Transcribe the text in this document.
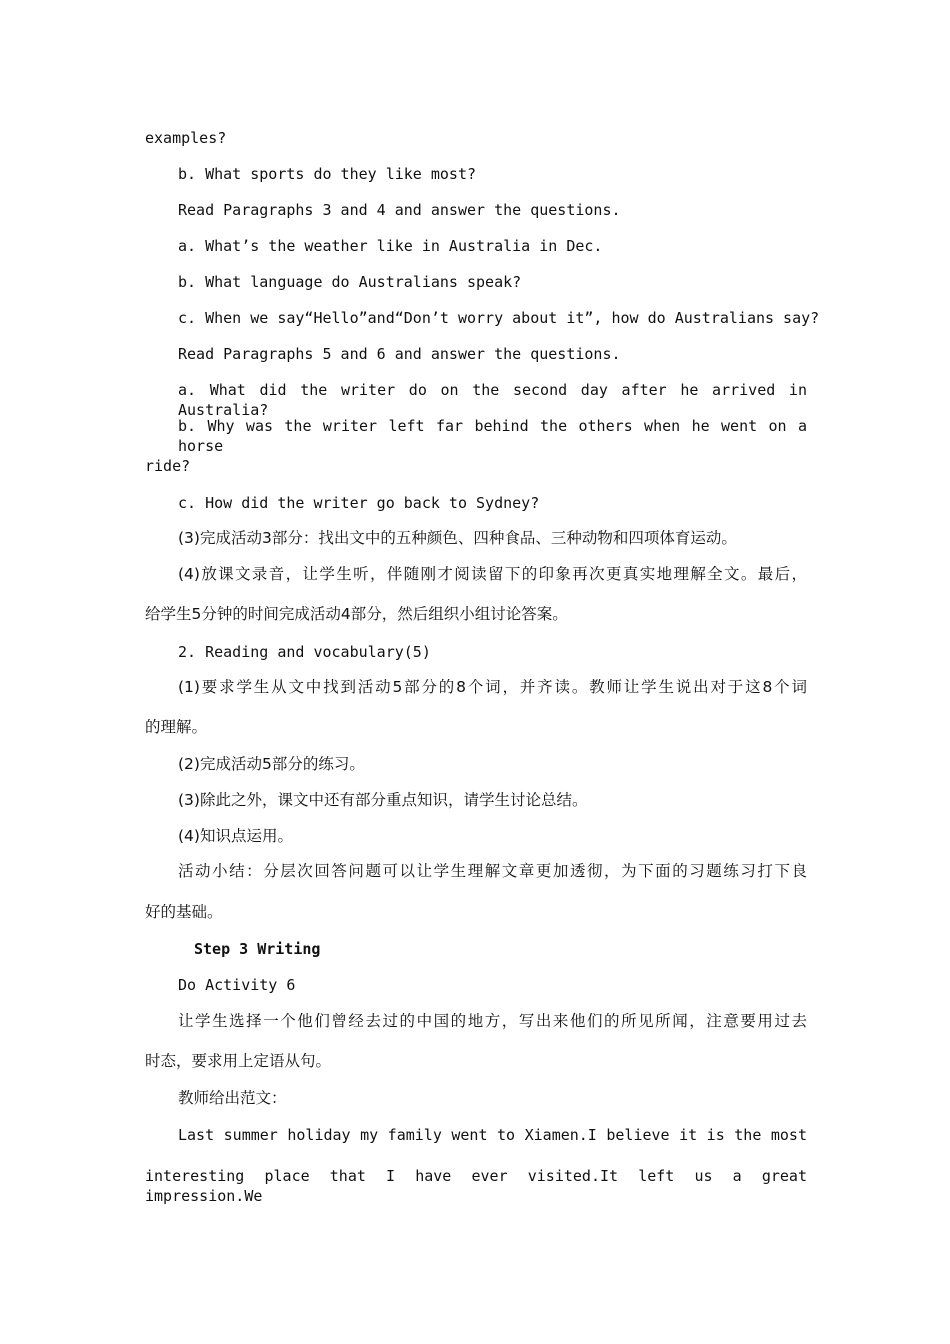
examples?
b. What sports do they like most?
Read Paragraphs 3 and 4 and answer the questions.
a. What’s the weather like in Australia in Dec.
b. What language do Australians speak?
c. When we say“Hello”and“Don’t worry about it”, how do Australians say?
Read Paragraphs 5 and 6 and answer the questions.
a. What did the writer do on the second day after he arrived in Australia?
b. Why was the writer left far behind the others when he went on a horse
ride?
c. How did the writer go back to Sydney?
(3)完成活动3部分：找出文中的五种颜色、四种食品、三种动物和四项体育运动。
(4)放课文录音，让学生听，伴随刚才阅读留下的印象再次更真实地理解全文。最后，
给学生5分钟的时间完成活动4部分，然后组织小组讨论答案。
2. Reading and vocabulary(5)
(1)要求学生从文中找到活动5部分的8个词，并齐读。教师让学生说出对于这8个词
的理解。
(2)完成活动5部分的练习。
(3)除此之外，课文中还有部分重点知识，请学生讨论总结。
(4)知识点运用。
活动小结：分层次回答问题可以让学生理解文章更加透彻，为下面的习题练习打下良
好的基础。
Step 3 Writing
Do Activity 6
让学生选择一个他们曾经去过的中国的地方，写出来他们的所见所闻，注意要用过去
时态，要求用上定语从句。
教师给出范文：
Last summer holiday my family went to Xiamen.I believe it is the most
interesting place that I have ever visited.It left us a great impression.We
